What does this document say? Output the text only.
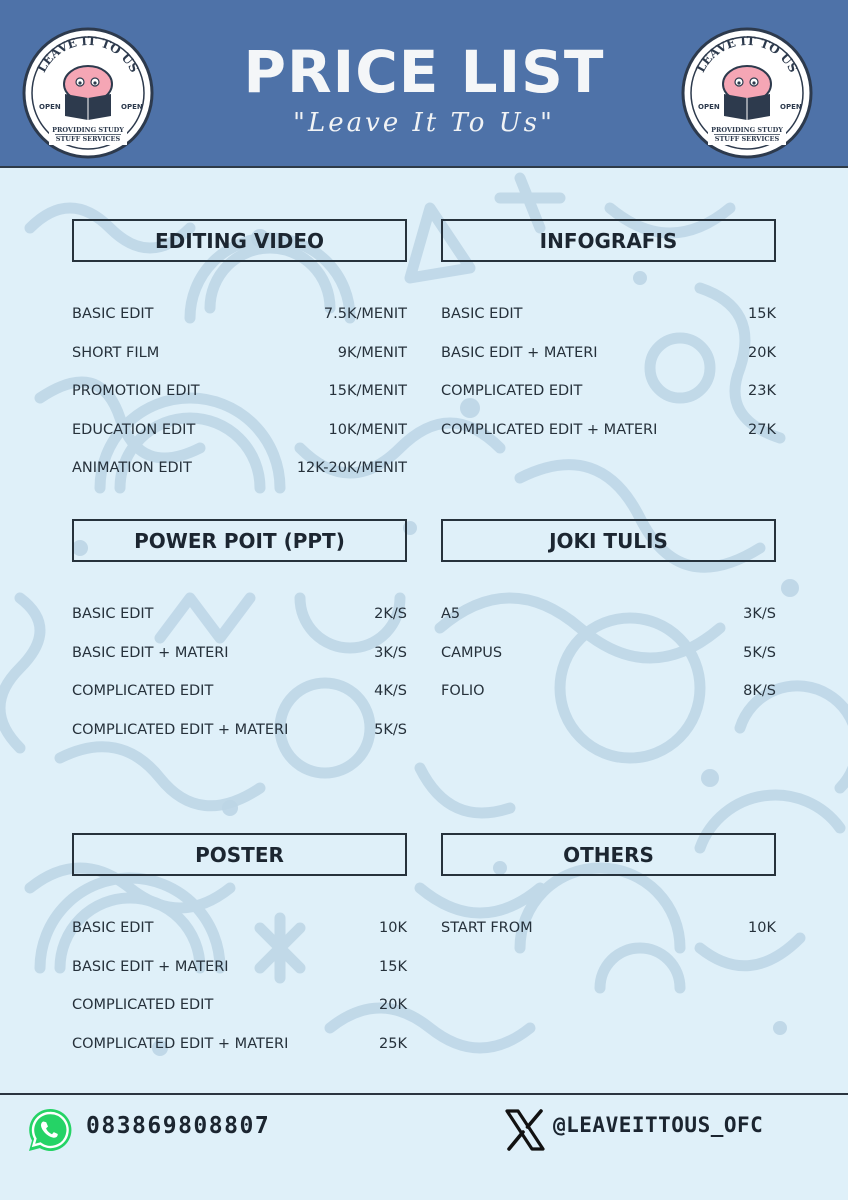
LEAVE IT TO US
OPEN	OPEN
PROVIDING STUDY
STUFF SERVICES
PRICE LIST
"Leave It To Us"
LEAVE IT TO US
OPEN	OPEN
PROVIDING STUDY
STUFF SERVICES
EDITING VIDEO
BASIC EDIT	7.5K/MENIT
SHORT FILM	9K/MENIT
PROMOTION EDIT	15K/MENIT
EDUCATION EDIT	10K/MENIT
ANIMATION EDIT	12K-20K/MENIT
INFOGRAFIS
BASIC EDIT	15K
BASIC EDIT + MATERI	20K
COMPLICATED EDIT	23K
COMPLICATED EDIT + MATERI	27K
POWER POIT (PPT)
BASIC EDIT	2K/S
BASIC EDIT + MATERI	3K/S
COMPLICATED EDIT	4K/S
COMPLICATED EDIT + MATERI	5K/S
JOKI TULIS
A5	3K/S
CAMPUS	5K/S
FOLIO	8K/S
POSTER
BASIC EDIT	10K
BASIC EDIT + MATERI	15K
COMPLICATED EDIT	20K
COMPLICATED EDIT + MATERI	25K
OTHERS
START FROM	10K
083869808807	@LEAVEITTOUS_OFC
